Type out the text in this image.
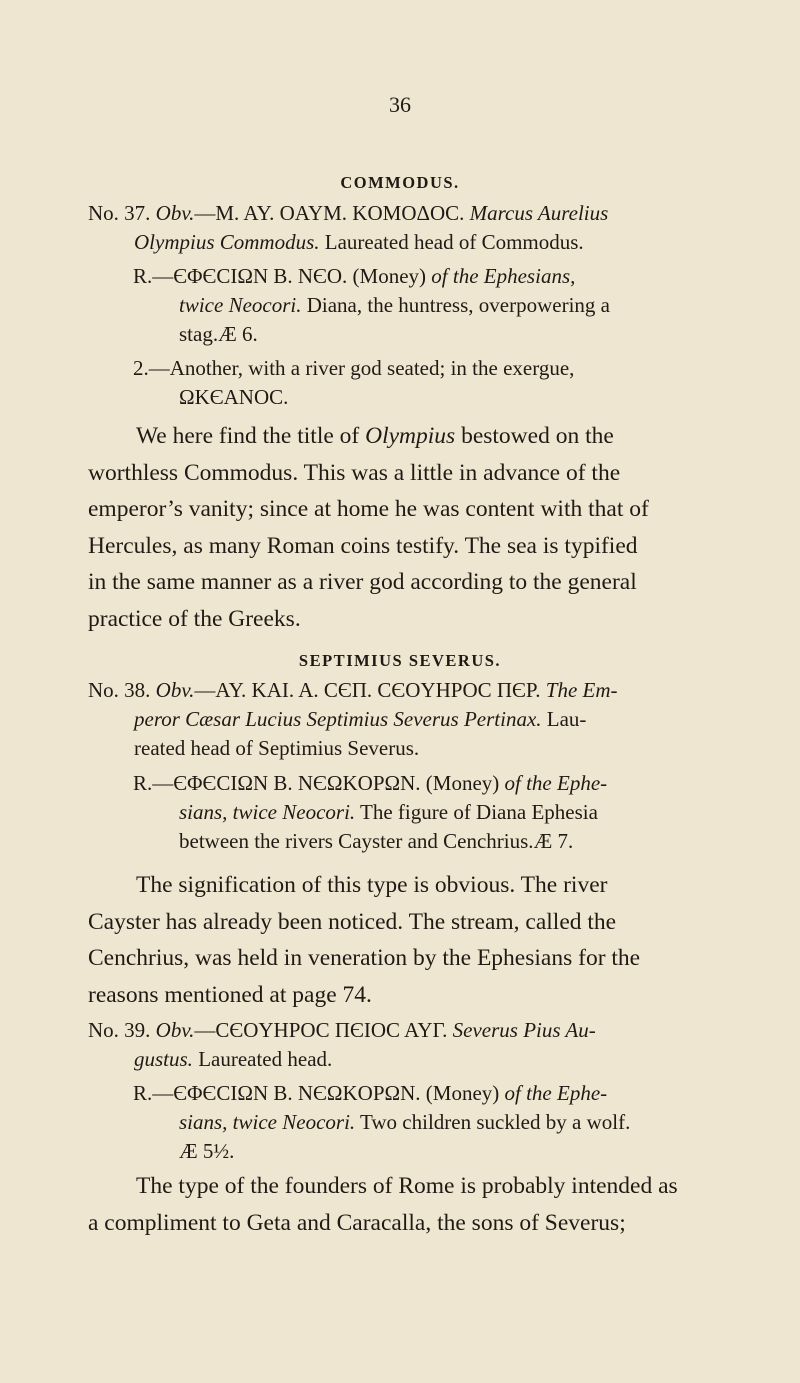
36
COMMODUS.
No. 37. Obv.—M. AY. OAYM. KOMOΔOC. Marcus Aurelius
Olympius Commodus. Laureated head of Commodus.
R.—ЄΦЄCIΩN B. NЄO. (Money) of the Ephesians,
twice Neocori. Diana, the huntress, overpowering a
stag.Æ 6.
2.—Another, with a river god seated; in the exergue,
ΩKЄANOC.
We here find the title of Olympius bestowed on the
worthless Commodus. This was a little in advance of the
emperor’s vanity; since at home he was content with that of
Hercules, as many Roman coins testify. The sea is typified
in the same manner as a river god according to the general
practice of the Greeks.
SEPTIMIUS SEVERUS.
No. 38. Obv.—AY. KAI. A. CЄΠ. CЄOYHPOC ΠЄP. The Em-
peror Cæsar Lucius Septimius Severus Pertinax. Lau-
reated head of Septimius Severus.
R.—ЄΦЄCIΩN B. NЄΩKOPΩN. (Money) of the Ephe-
sians, twice Neocori. The figure of Diana Ephesia
between the rivers Cayster and Cenchrius.Æ 7.
The signification of this type is obvious. The river
Cayster has already been noticed. The stream, called the
Cenchrius, was held in veneration by the Ephesians for the
reasons mentioned at page 74.
No. 39. Obv.—CЄOYHPOC ΠЄIOC AYΓ. Severus Pius Au-
gustus. Laureated head.
R.—ЄΦЄCIΩN B. NЄΩKOPΩN. (Money) of the Ephe-
sians, twice Neocori. Two children suckled by a wolf.
Æ 5½.
The type of the founders of Rome is probably intended as
a compliment to Geta and Caracalla, the sons of Severus;
